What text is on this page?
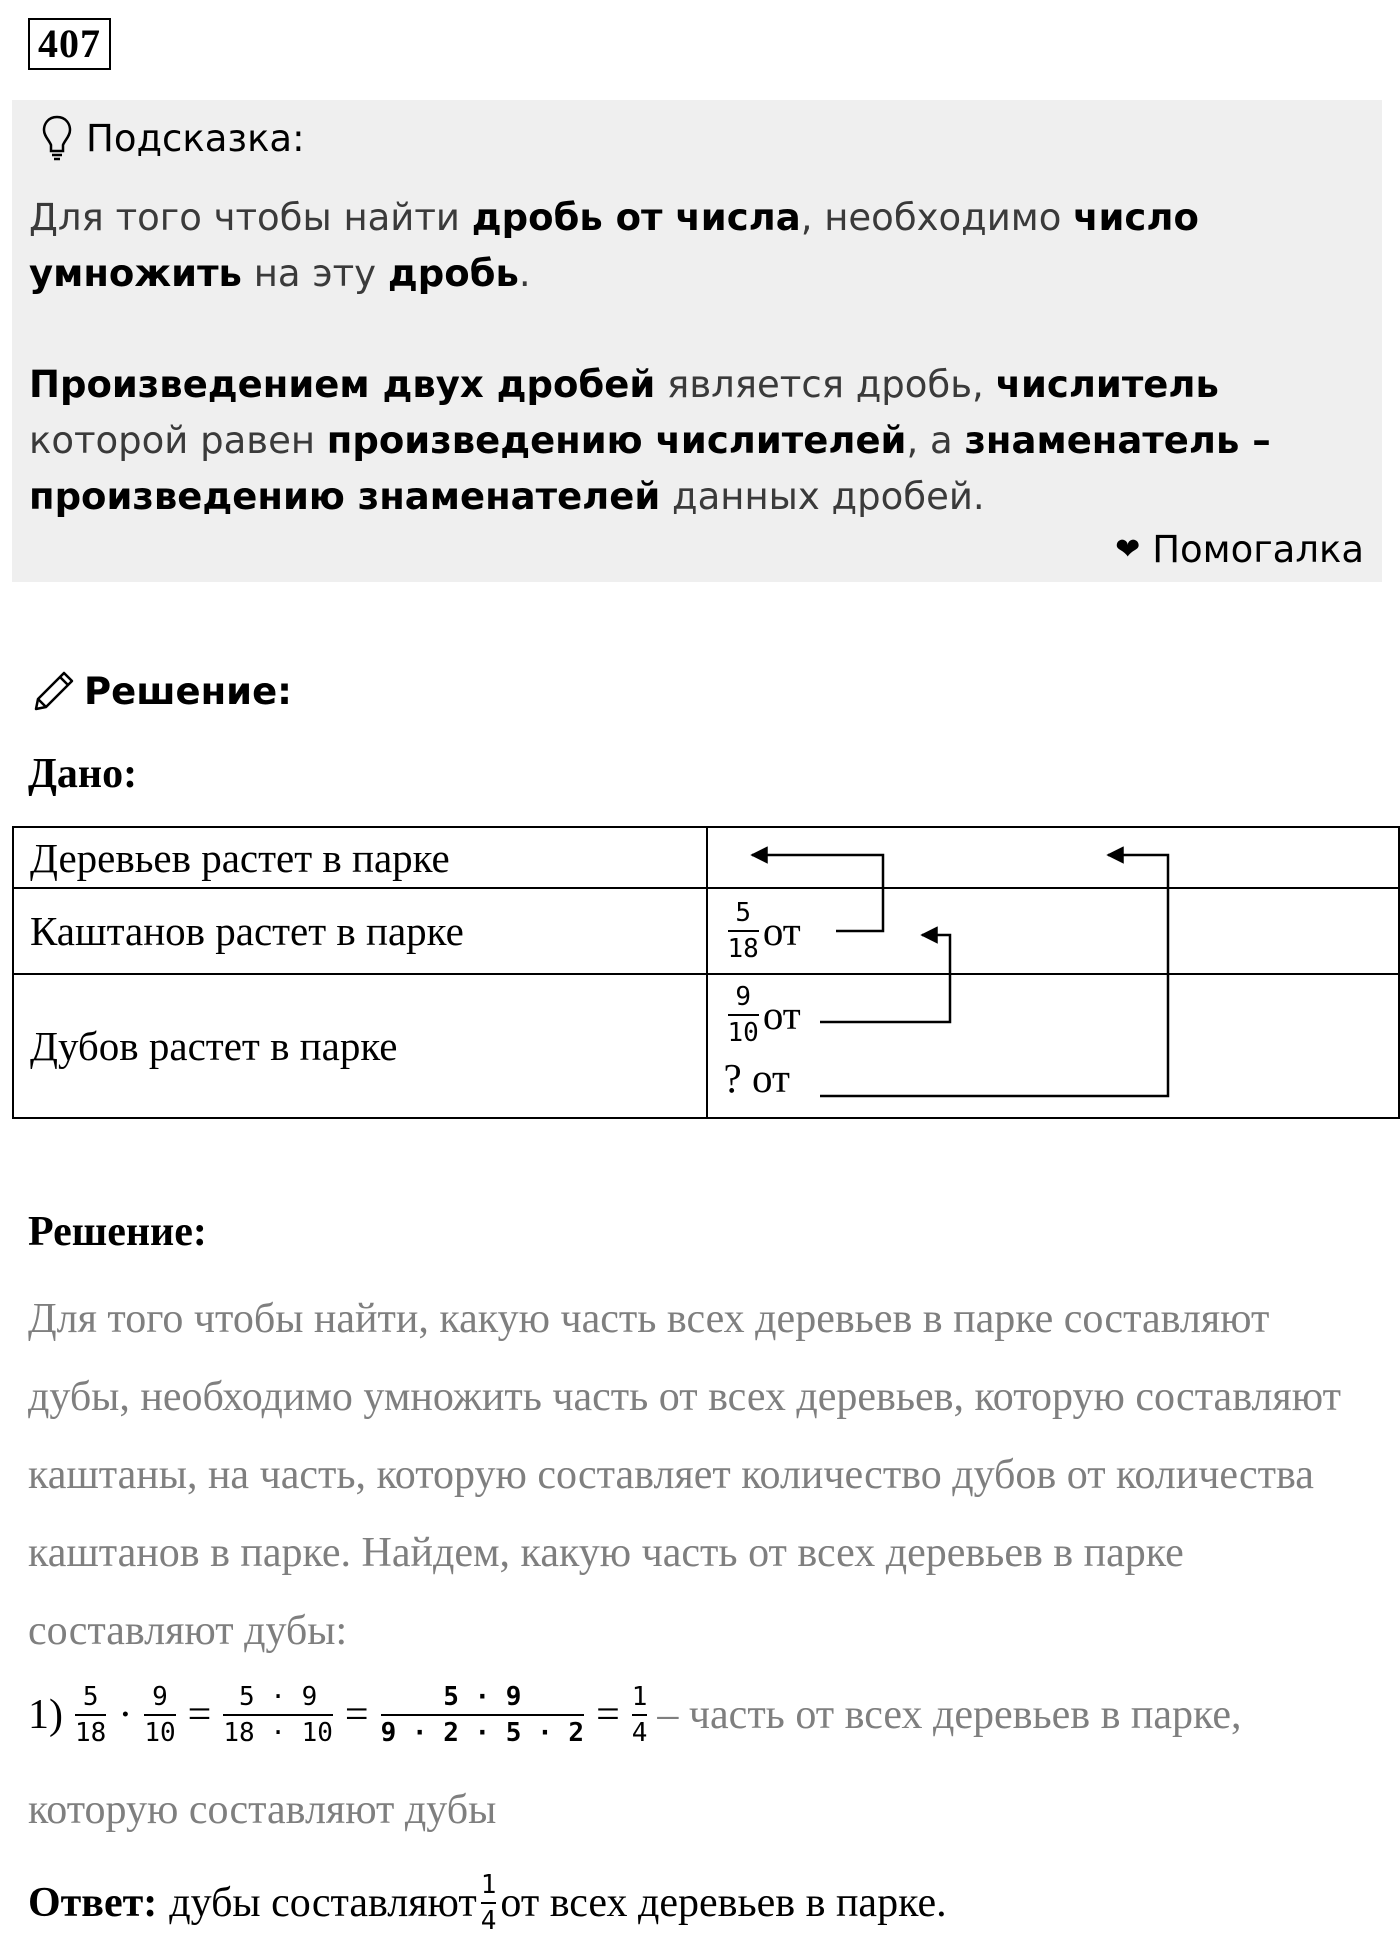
407
Подсказка:
Для того чтобы найти дробь от числа, необходимо число умножить на эту дробь.
Произведением двух дробей является дробь, числитель которой равен произведению числителей, а знаменатель – произведению знаменателей данных дробей.
❤ Помогалка
Решение:
Дано:
Деревьев растет в парке	
Каштанов растет в парке	$\frac{5}{18}$ от

Дубов растет в парке	$\frac{9}{10}$ от
? от
Решение:
Для того чтобы найти, какую часть всех деревьев в парке составляют дубы, необходимо умножить часть от всех деревьев, которую составляют каштаны, на часть, которую составляет количество дубов от количества каштанов в парке. Найдем, какую часть от всех деревьев в парке составляют дубы:
$1) \frac{5}{18} \cdot \frac{9}{10} = \frac{5 \cdot 9}{18 \cdot 10} = \frac{5 \cdot 9}{9 \cdot 2 \cdot 5 \cdot 2} = \frac{1}{4}$ – часть от всех деревьев в парке,
которую составляют дубы
Ответ: дубы составляют $\frac{1}{4}$ от всех деревьев в парке.
